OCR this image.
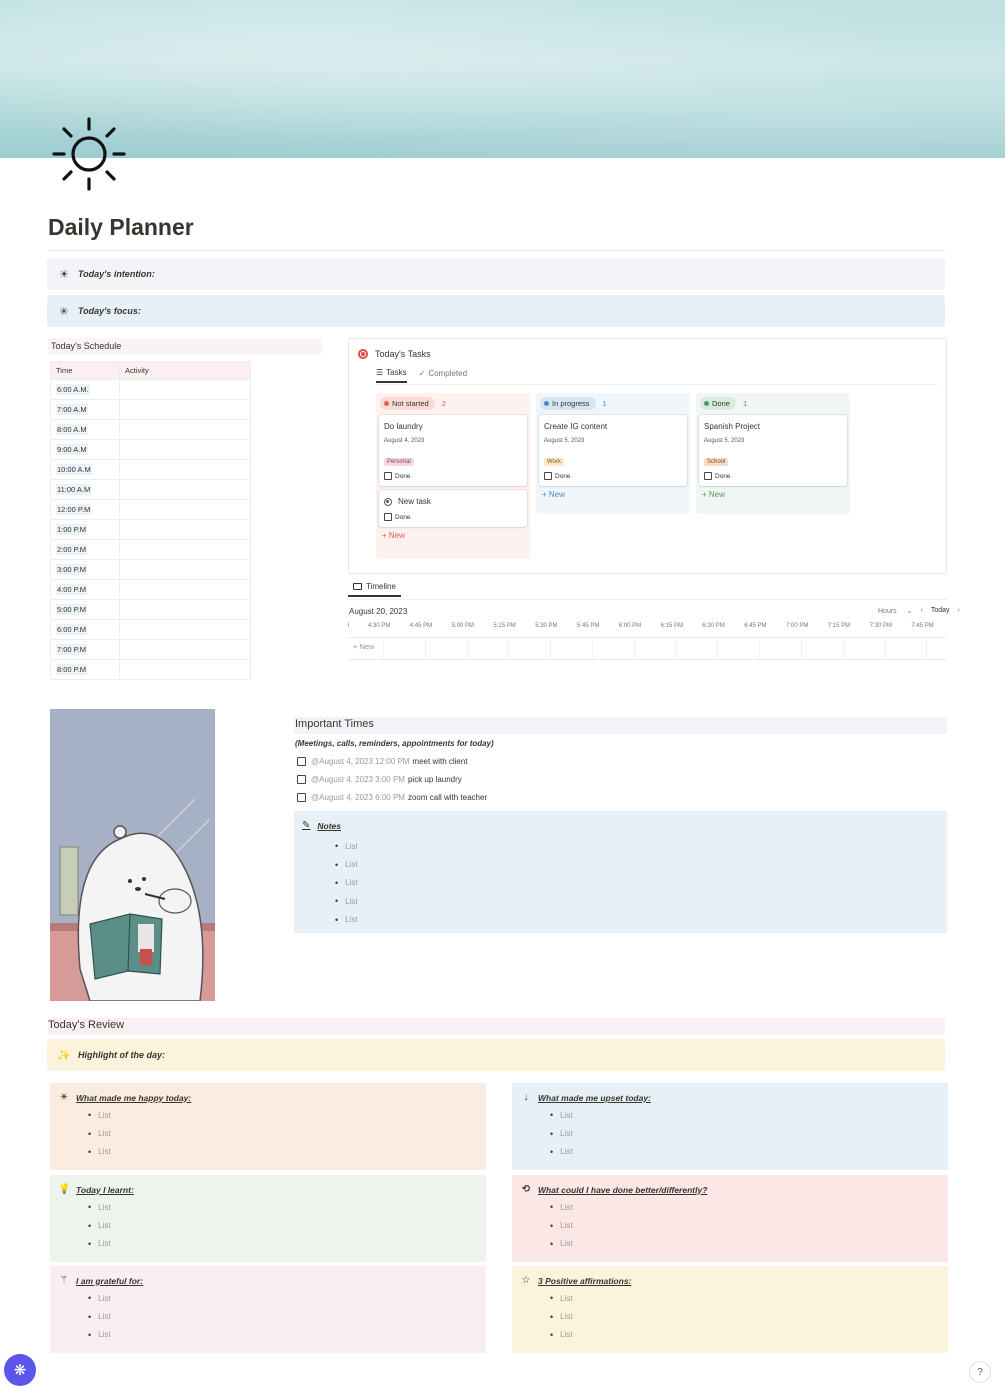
Daily Planner
☀ Today's intention:
✳ Today's focus:
Today's Schedule
Time	Activity
6:00 A.M.	
7:00 A.M	
8:00 A.M	
9:00 A.M	
10:00 A.M	
11:00 A.M	
12:00 P.M	
1:00 P.M	
2:00 P.M	
3:00 P.M	
4:00 P.M	
5:00 P.M	
6:00 P.M	
7:00 P.M	
8:00 P.M	
Today's Tasks
☰ Tasks ✓ Completed
Not started 2
Do laundry
August 4, 2023
Personal
Done
New task
Done
+ New
In progress 1
Create IG content
August 5, 2023
Work
Done
+ New
Done 1
Spanish Project
August 5, 2023
School
Done
+ New
Timeline
August 20, 2023	Hours ⌄ ‹ Today ›
l	4:30 PM	4:45 PM	5:00 PM	5:15 PM	5:30 PM	5:45 PM	6:00 PM	6:15 PM	6:30 PM	6:45 PM	7:00 PM	7:15 PM	7:30 PM	7:45 PM
+ New
Important Times
(Meetings, calls, reminders, appointments for today)
@August 4, 2023 12:00 PM meet with client
@August 4, 2023 3:00 PM pick up laundry
@August 4, 2023 6:00 PM zoom call with teacher
✎ Notes
• List
• List
• List
• List
• List
Today's Review
✨ Highlight of the day:
☀ What made me happy today:
• List
• List
• List
↓	What made me upset today:
• List
• List
• List
💡 Today I learnt:
• List
• List
• List
⟲ What could I have done better/differently?
• List
• List
• List
⚚ I am grateful for:
• List
• List
• List
☆ 3 Positive affirmations:
• List
• List
• List
❋	?
